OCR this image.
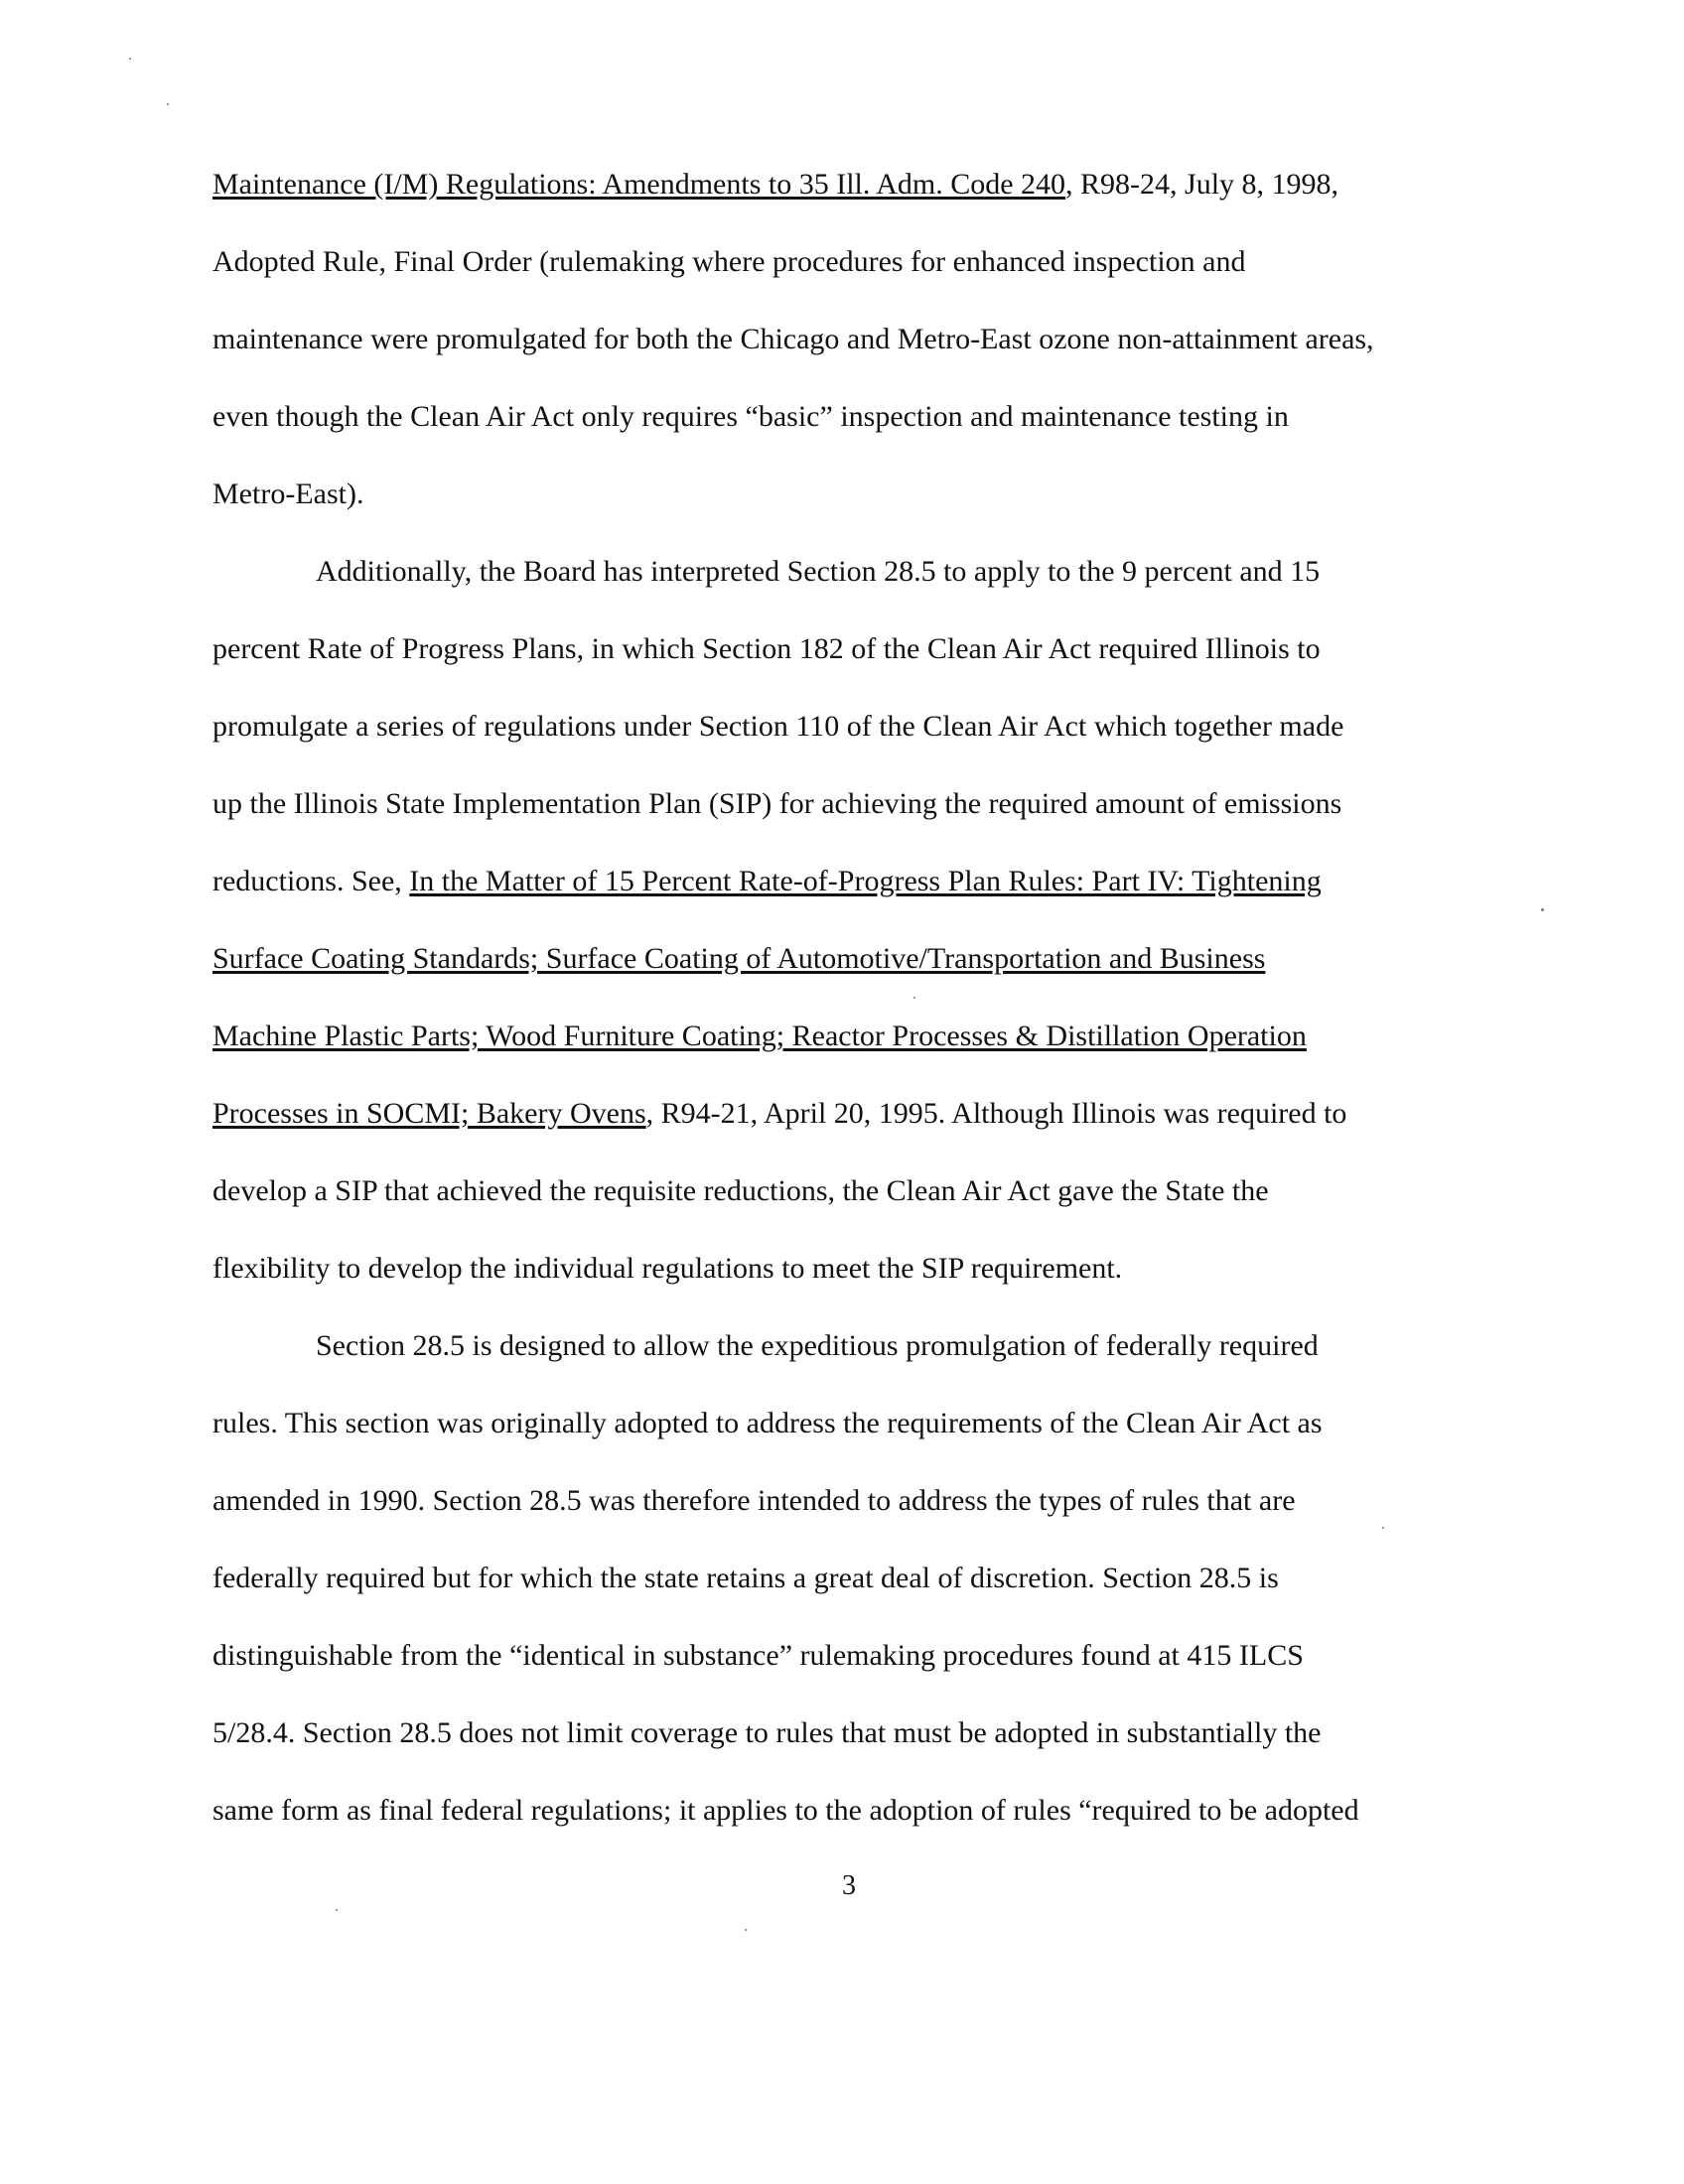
Maintenance (I/M) Regulations: Amendments to 35 Ill. Adm. Code 240, R98-24, July 8, 1998,
Adopted Rule, Final Order (rulemaking where procedures for enhanced inspection and
maintenance were promulgated for both the Chicago and Metro-East ozone non-attainment areas,
even though the Clean Air Act only requires “basic” inspection and maintenance testing in
Metro-East).
Additionally, the Board has interpreted Section 28.5 to apply to the 9 percent and 15
percent Rate of Progress Plans, in which Section 182 of the Clean Air Act required Illinois to
promulgate a series of regulations under Section 110 of the Clean Air Act which together made
up the Illinois State Implementation Plan (SIP) for achieving the required amount of emissions
reductions. See, In the Matter of 15 Percent Rate-of-Progress Plan Rules: Part IV: Tightening
Surface Coating Standards; Surface Coating of Automotive/Transportation and Business
Machine Plastic Parts; Wood Furniture Coating; Reactor Processes & Distillation Operation
Processes in SOCMI; Bakery Ovens, R94-21, April 20, 1995. Although Illinois was required to
develop a SIP that achieved the requisite reductions, the Clean Air Act gave the State the
flexibility to develop the individual regulations to meet the SIP requirement.
Section 28.5 is designed to allow the expeditious promulgation of federally required
rules. This section was originally adopted to address the requirements of the Clean Air Act as
amended in 1990. Section 28.5 was therefore intended to address the types of rules that are
federally required but for which the state retains a great deal of discretion. Section 28.5 is
distinguishable from the “identical in substance” rulemaking procedures found at 415 ILCS
5/28.4. Section 28.5 does not limit coverage to rules that must be adopted in substantially the
same form as final federal regulations; it applies to the adoption of rules “required to be adopted
3
